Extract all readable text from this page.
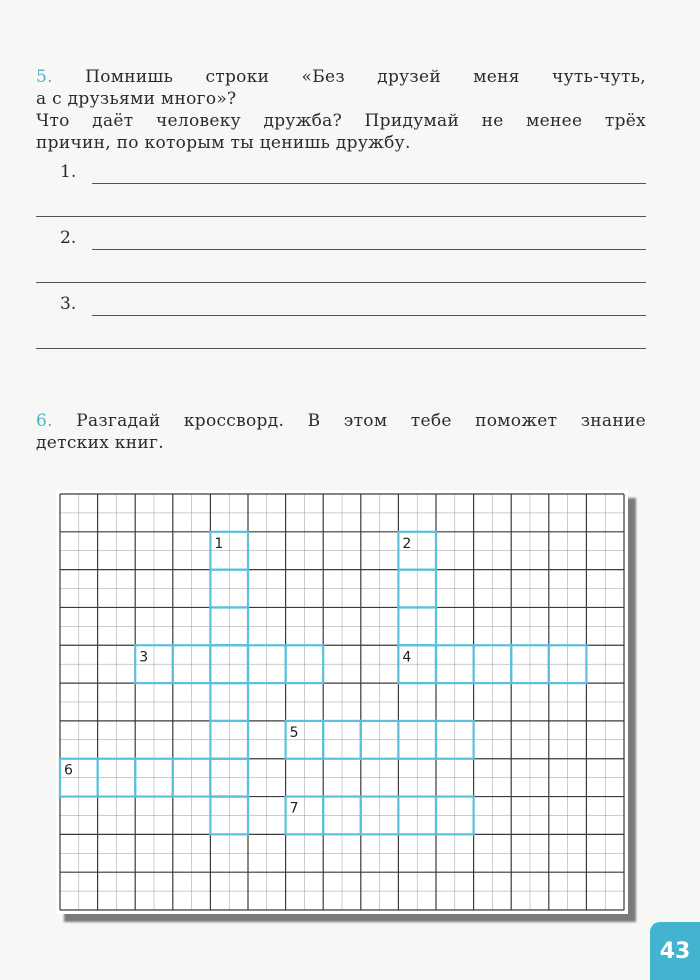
5. Помнишь строки «Без друзей меня чуть-чуть,
а с друзьями много»?
Что даёт человеку дружба? Придумай не менее трёх
причин, по которым ты ценишь дружбу.
1.
2.
3.
6. Разгадай кроссворд. В этом тебе поможет знание
детских книг.
1	2
3	4
5
6
7
43
